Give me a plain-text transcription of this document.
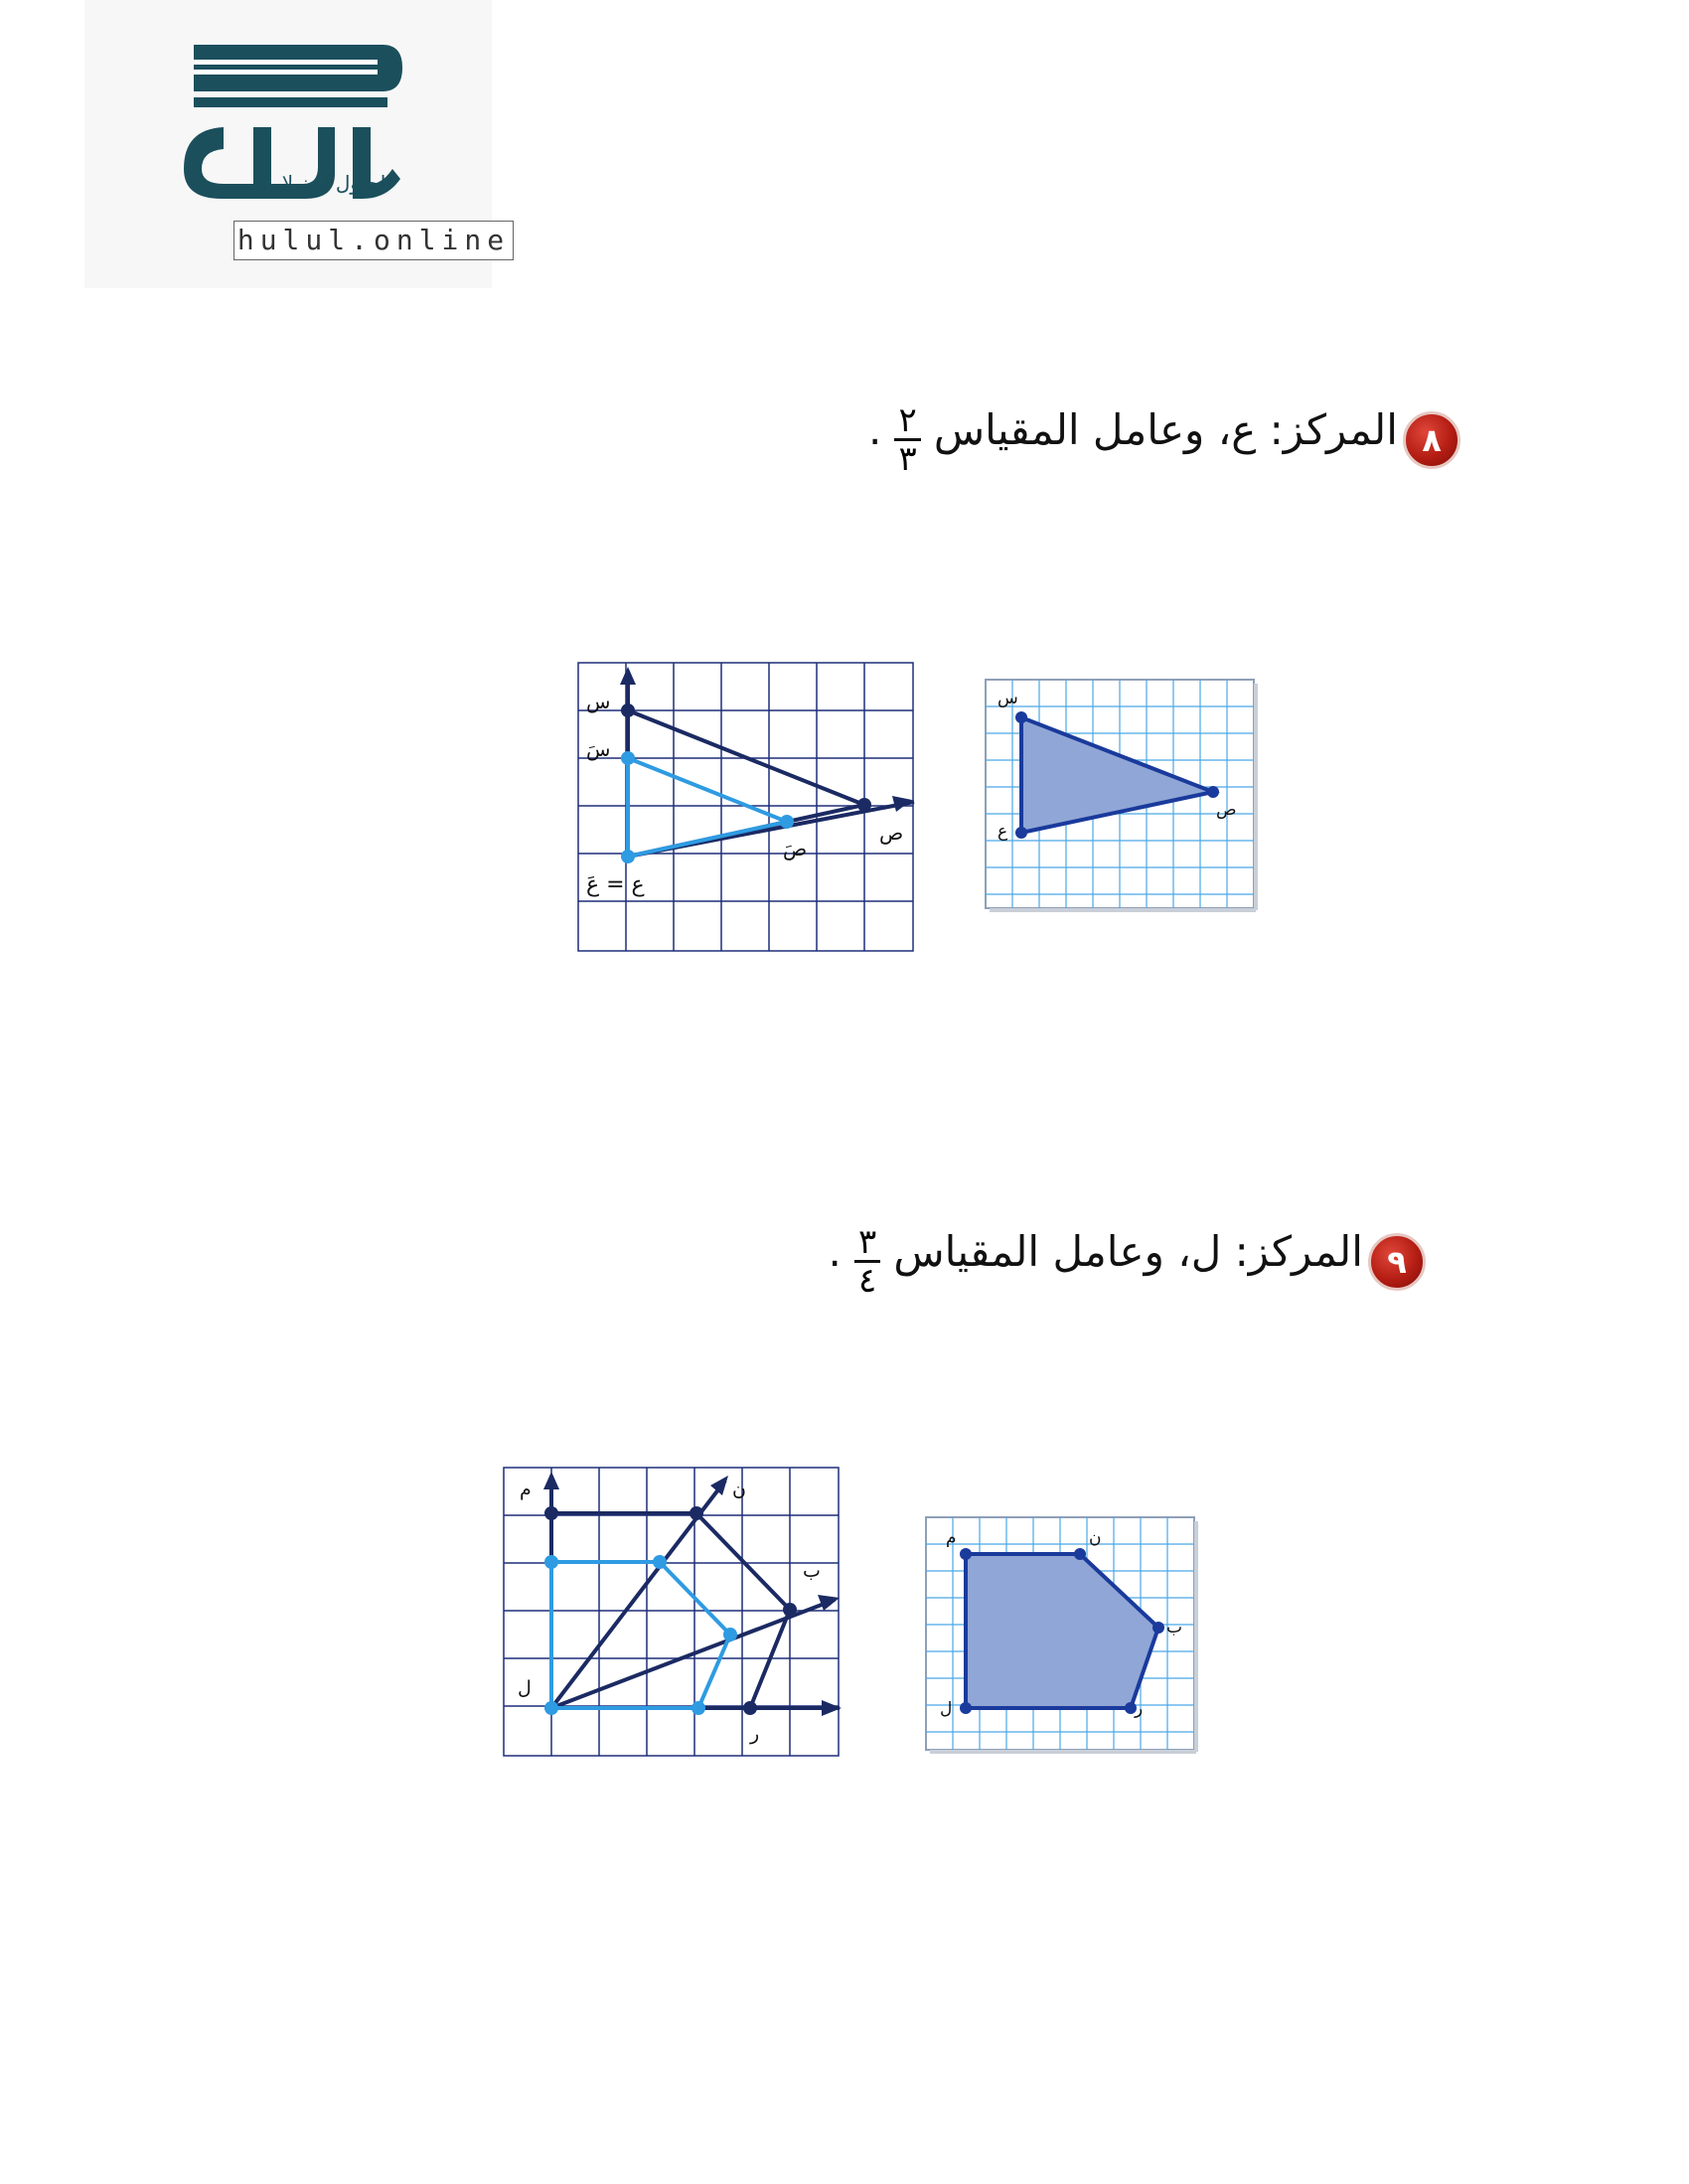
الحلول اون لاين
hulul.online
٨ المركز: ع، وعامل المقياس
$\frac{٢}{٣}$
.
س
سَ
ص
صَ
ع = عَ
س
ص
ع
٩ المركز: ل، وعامل المقياس
$\frac{٣}{٤}$
.
م	ن
ب
ر
ل
م	ن
ب
ر
ل
